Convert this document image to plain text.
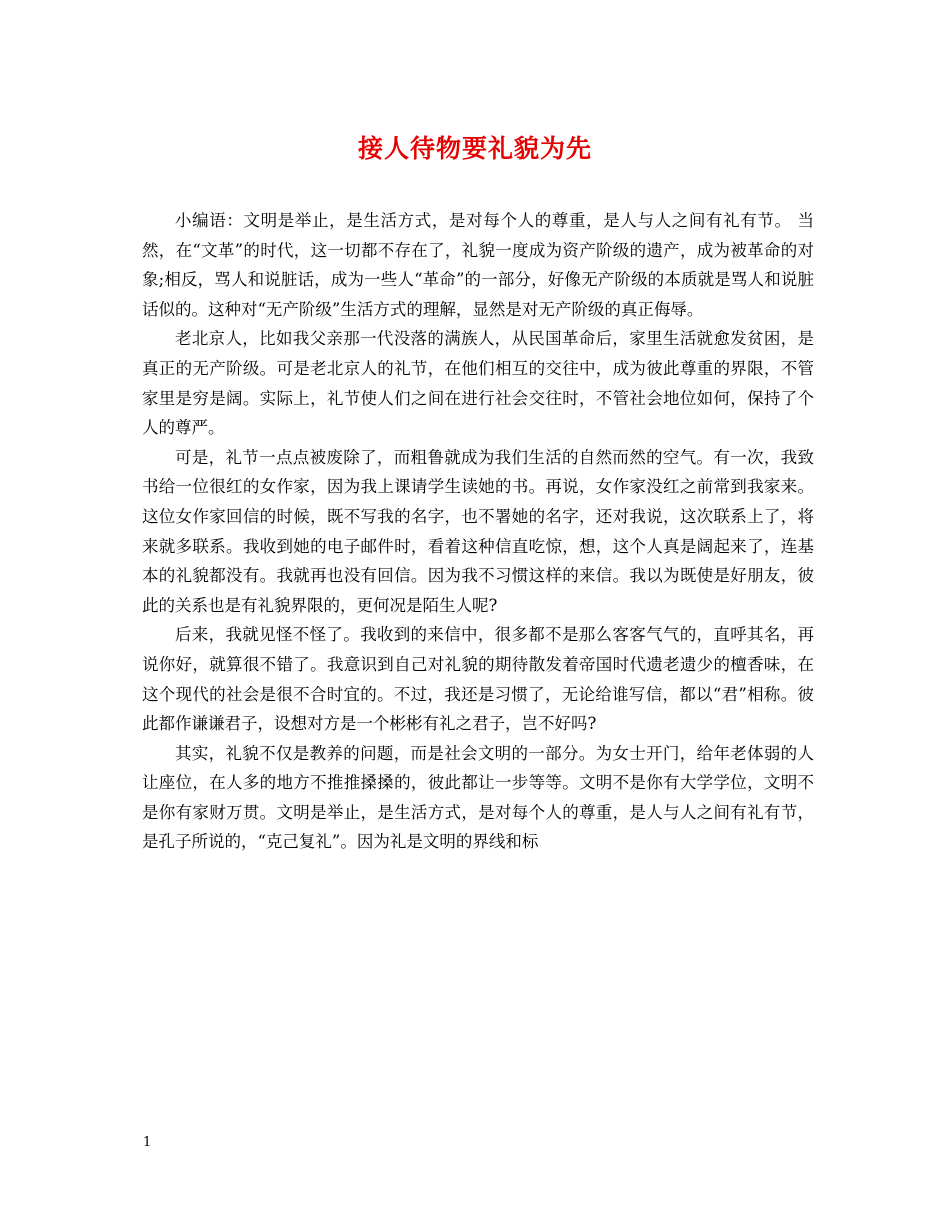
接人待物要礼貌为先

小编语：文明是举止，是生活方式，是对每个人的尊重，是人与人之间有礼有节。 当然，在“文革”的时代，这一切都不存在了，礼貌一度成为资产阶级的遗产，成为被革命的对象;相反，骂人和说脏话，成为一些人“革命”的一部分，好像无产阶级的本质就是骂人和说脏话似的。这种对“无产阶级”生活方式的理解，显然是对无产阶级的真正侮辱。

老北京人，比如我父亲那一代没落的满族人，从民国革命后，家里生活就愈发贫困，是真正的无产阶级。可是老北京人的礼节，在他们相互的交往中，成为彼此尊重的界限，不管家里是穷是阔。实际上，礼节使人们之间在进行社会交往时，不管社会地位如何，保持了个人的尊严。

可是，礼节一点点被废除了，而粗鲁就成为我们生活的自然而然的空气。有一次，我致书给一位很红的女作家，因为我上课请学生读她的书。再说，女作家没红之前常到我家来。这位女作家回信的时候，既不写我的名字，也不署她的名字，还对我说，这次联系上了，将来就多联系。我收到她的电子邮件时，看着这种信直吃惊，想，这个人真是阔起来了，连基本的礼貌都没有。我就再也没有回信。因为我不习惯这样的来信。我以为既使是好朋友，彼此的关系也是有礼貌界限的，更何况是陌生人呢?

后来，我就见怪不怪了。我收到的来信中，很多都不是那么客客气气的，直呼其名，再说你好，就算很不错了。我意识到自己对礼貌的期待散发着帝国时代遗老遗少的檀香味，在这个现代的社会是很不合时宜的。不过，我还是习惯了，无论给谁写信，都以“君”相称。彼此都作谦谦君子，设想对方是一个彬彬有礼之君子，岂不好吗?

其实，礼貌不仅是教养的问题，而是社会文明的一部分。为女士开门，给年老体弱的人让座位，在人多的地方不推推搡搡的，彼此都让一步等等。文明不是你有大学学位，文明不是你有家财万贯。文明是举止，是生活方式，是对每个人的尊重，是人与人之间有礼有节，是孔子所说的，“克己复礼”。因为礼是文明的界线和标

1
